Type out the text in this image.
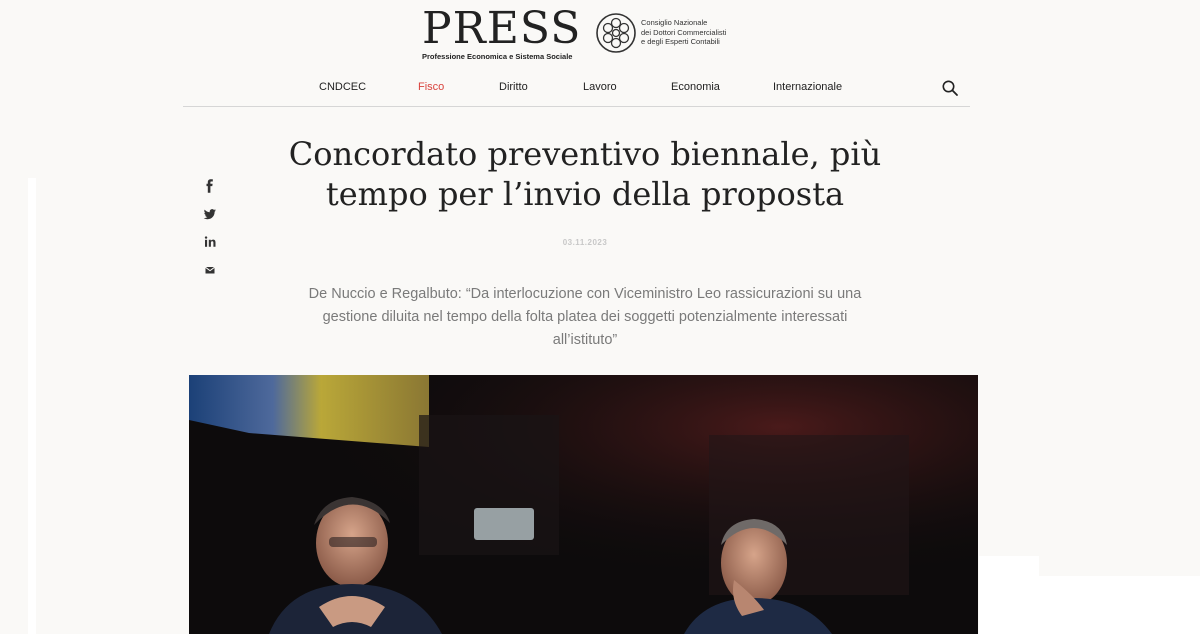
PRESS
Professione Economica e Sistema Sociale
Consiglio Nazionale
dei Dottori Commercialisti
e degli Esperti Contabili
CNDCEC	Fisco	Diritto	Lavoro	Economia	Internazionale
Concordato preventivo biennale, più
tempo per l’invio della proposta
03.11.2023

De Nuccio e Regalbuto: “Da interlocuzione con Viceministro Leo rassicurazioni su una gestione diluita nel tempo della folta platea dei soggetti potenzialmente interessati all’istituto”
